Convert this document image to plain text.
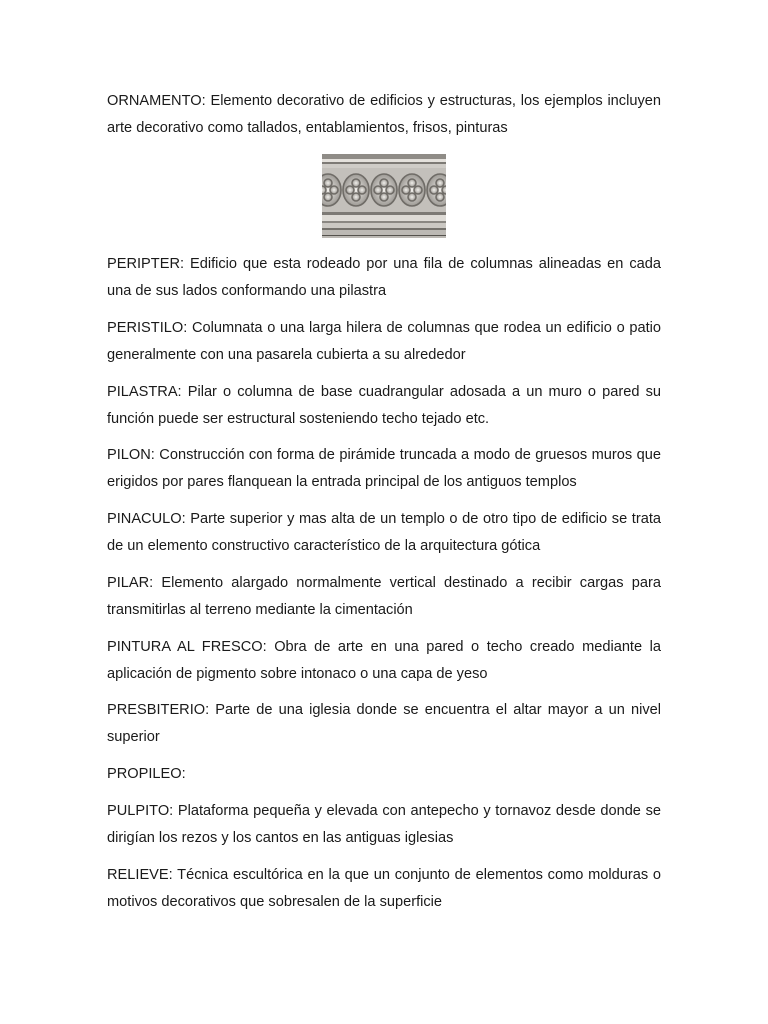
ORNAMENTO: Elemento decorativo de edificios y estructuras, los ejemplos incluyen arte decorativo como tallados, entablamientos, frisos, pinturas

PERIPTER: Edificio que esta rodeado por una fila de columnas alineadas en cada una de sus lados conformando una pilastra

PERISTILO: Columnata o una larga hilera de columnas que rodea un edificio o patio generalmente con una pasarela cubierta a su alrededor

PILASTRA: Pilar o columna de base cuadrangular adosada a un muro o pared su función puede ser estructural sosteniendo techo tejado etc.

PILON: Construcción con forma de pirámide truncada a modo de gruesos muros que erigidos por pares flanquean la entrada principal de los antiguos templos

PINACULO: Parte superior y mas alta de un templo o de otro tipo de edificio se trata de un elemento constructivo característico de la arquitectura gótica

PILAR: Elemento alargado normalmente vertical destinado a recibir cargas para transmitirlas al terreno mediante la cimentación

PINTURA AL FRESCO: Obra de arte en una pared o techo creado mediante la aplicación de pigmento sobre intonaco o una capa de yeso

PRESBITERIO: Parte de una iglesia donde se encuentra el altar mayor a un nivel superior

PROPILEO:

PULPITO: Plataforma pequeña y elevada con antepecho y tornavoz desde donde se dirigían los rezos y los cantos en las antiguas iglesias

RELIEVE: Técnica escultórica en la que un conjunto de elementos como molduras o motivos decorativos que sobresalen de la superficie
